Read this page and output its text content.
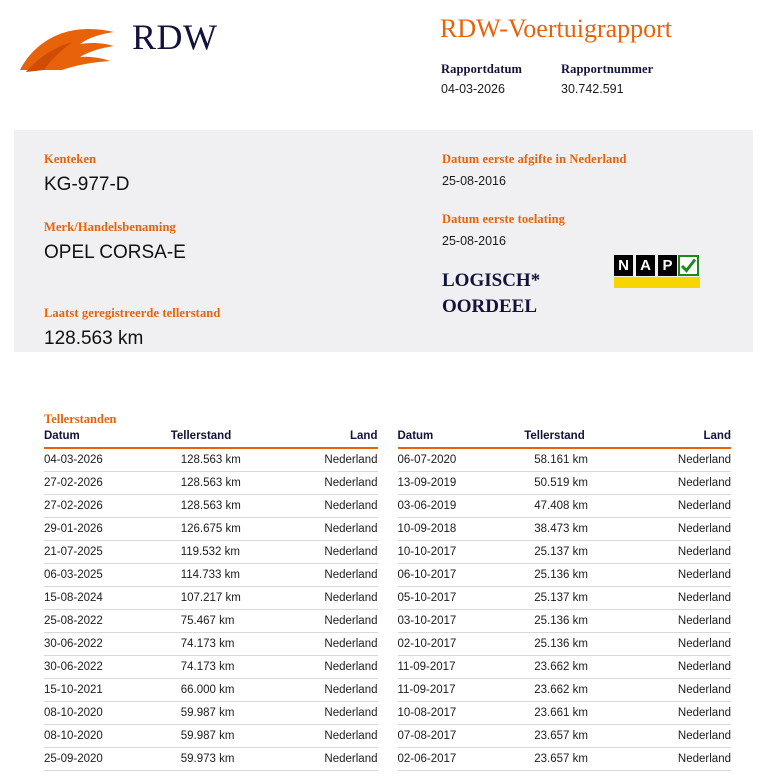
RDW	RDW-Voertuigrapport
Rapportdatum
04-03-2026
Rapportnummer
30.742.591
Kenteken
KG-977-D
Merk/Handelsbenaming
OPEL CORSA-E
Laatst geregistreerde tellerstand
128.563 km
Datum eerste afgifte in Nederland
25-08-2016
Datum eerste toelating
25-08-2016
LOGISCH*
OORDEEL
N A P
Tellerstanden
Datum	Tellerstand	Land
04-03-2026	128.563 km	Nederland
27-02-2026	128.563 km	Nederland
27-02-2026	128.563 km	Nederland
29-01-2026	126.675 km	Nederland
21-07-2025	119.532 km	Nederland
06-03-2025	114.733 km	Nederland
15-08-2024	107.217 km	Nederland
25-08-2022	75.467 km	Nederland
30-06-2022	74.173 km	Nederland
30-06-2022	74.173 km	Nederland
15-10-2021	66.000 km	Nederland
08-10-2020	59.987 km	Nederland
08-10-2020	59.987 km	Nederland
25-09-2020	59.973 km	Nederland
Datum	Tellerstand	Land
06-07-2020	58.161 km	Nederland
13-09-2019	50.519 km	Nederland
03-06-2019	47.408 km	Nederland
10-09-2018	38.473 km	Nederland
10-10-2017	25.137 km	Nederland
06-10-2017	25.136 km	Nederland
05-10-2017	25.137 km	Nederland
03-10-2017	25.136 km	Nederland
02-10-2017	25.136 km	Nederland
11-09-2017	23.662 km	Nederland
11-09-2017	23.662 km	Nederland
10-08-2017	23.661 km	Nederland
07-08-2017	23.657 km	Nederland
02-06-2017	23.657 km	Nederland
